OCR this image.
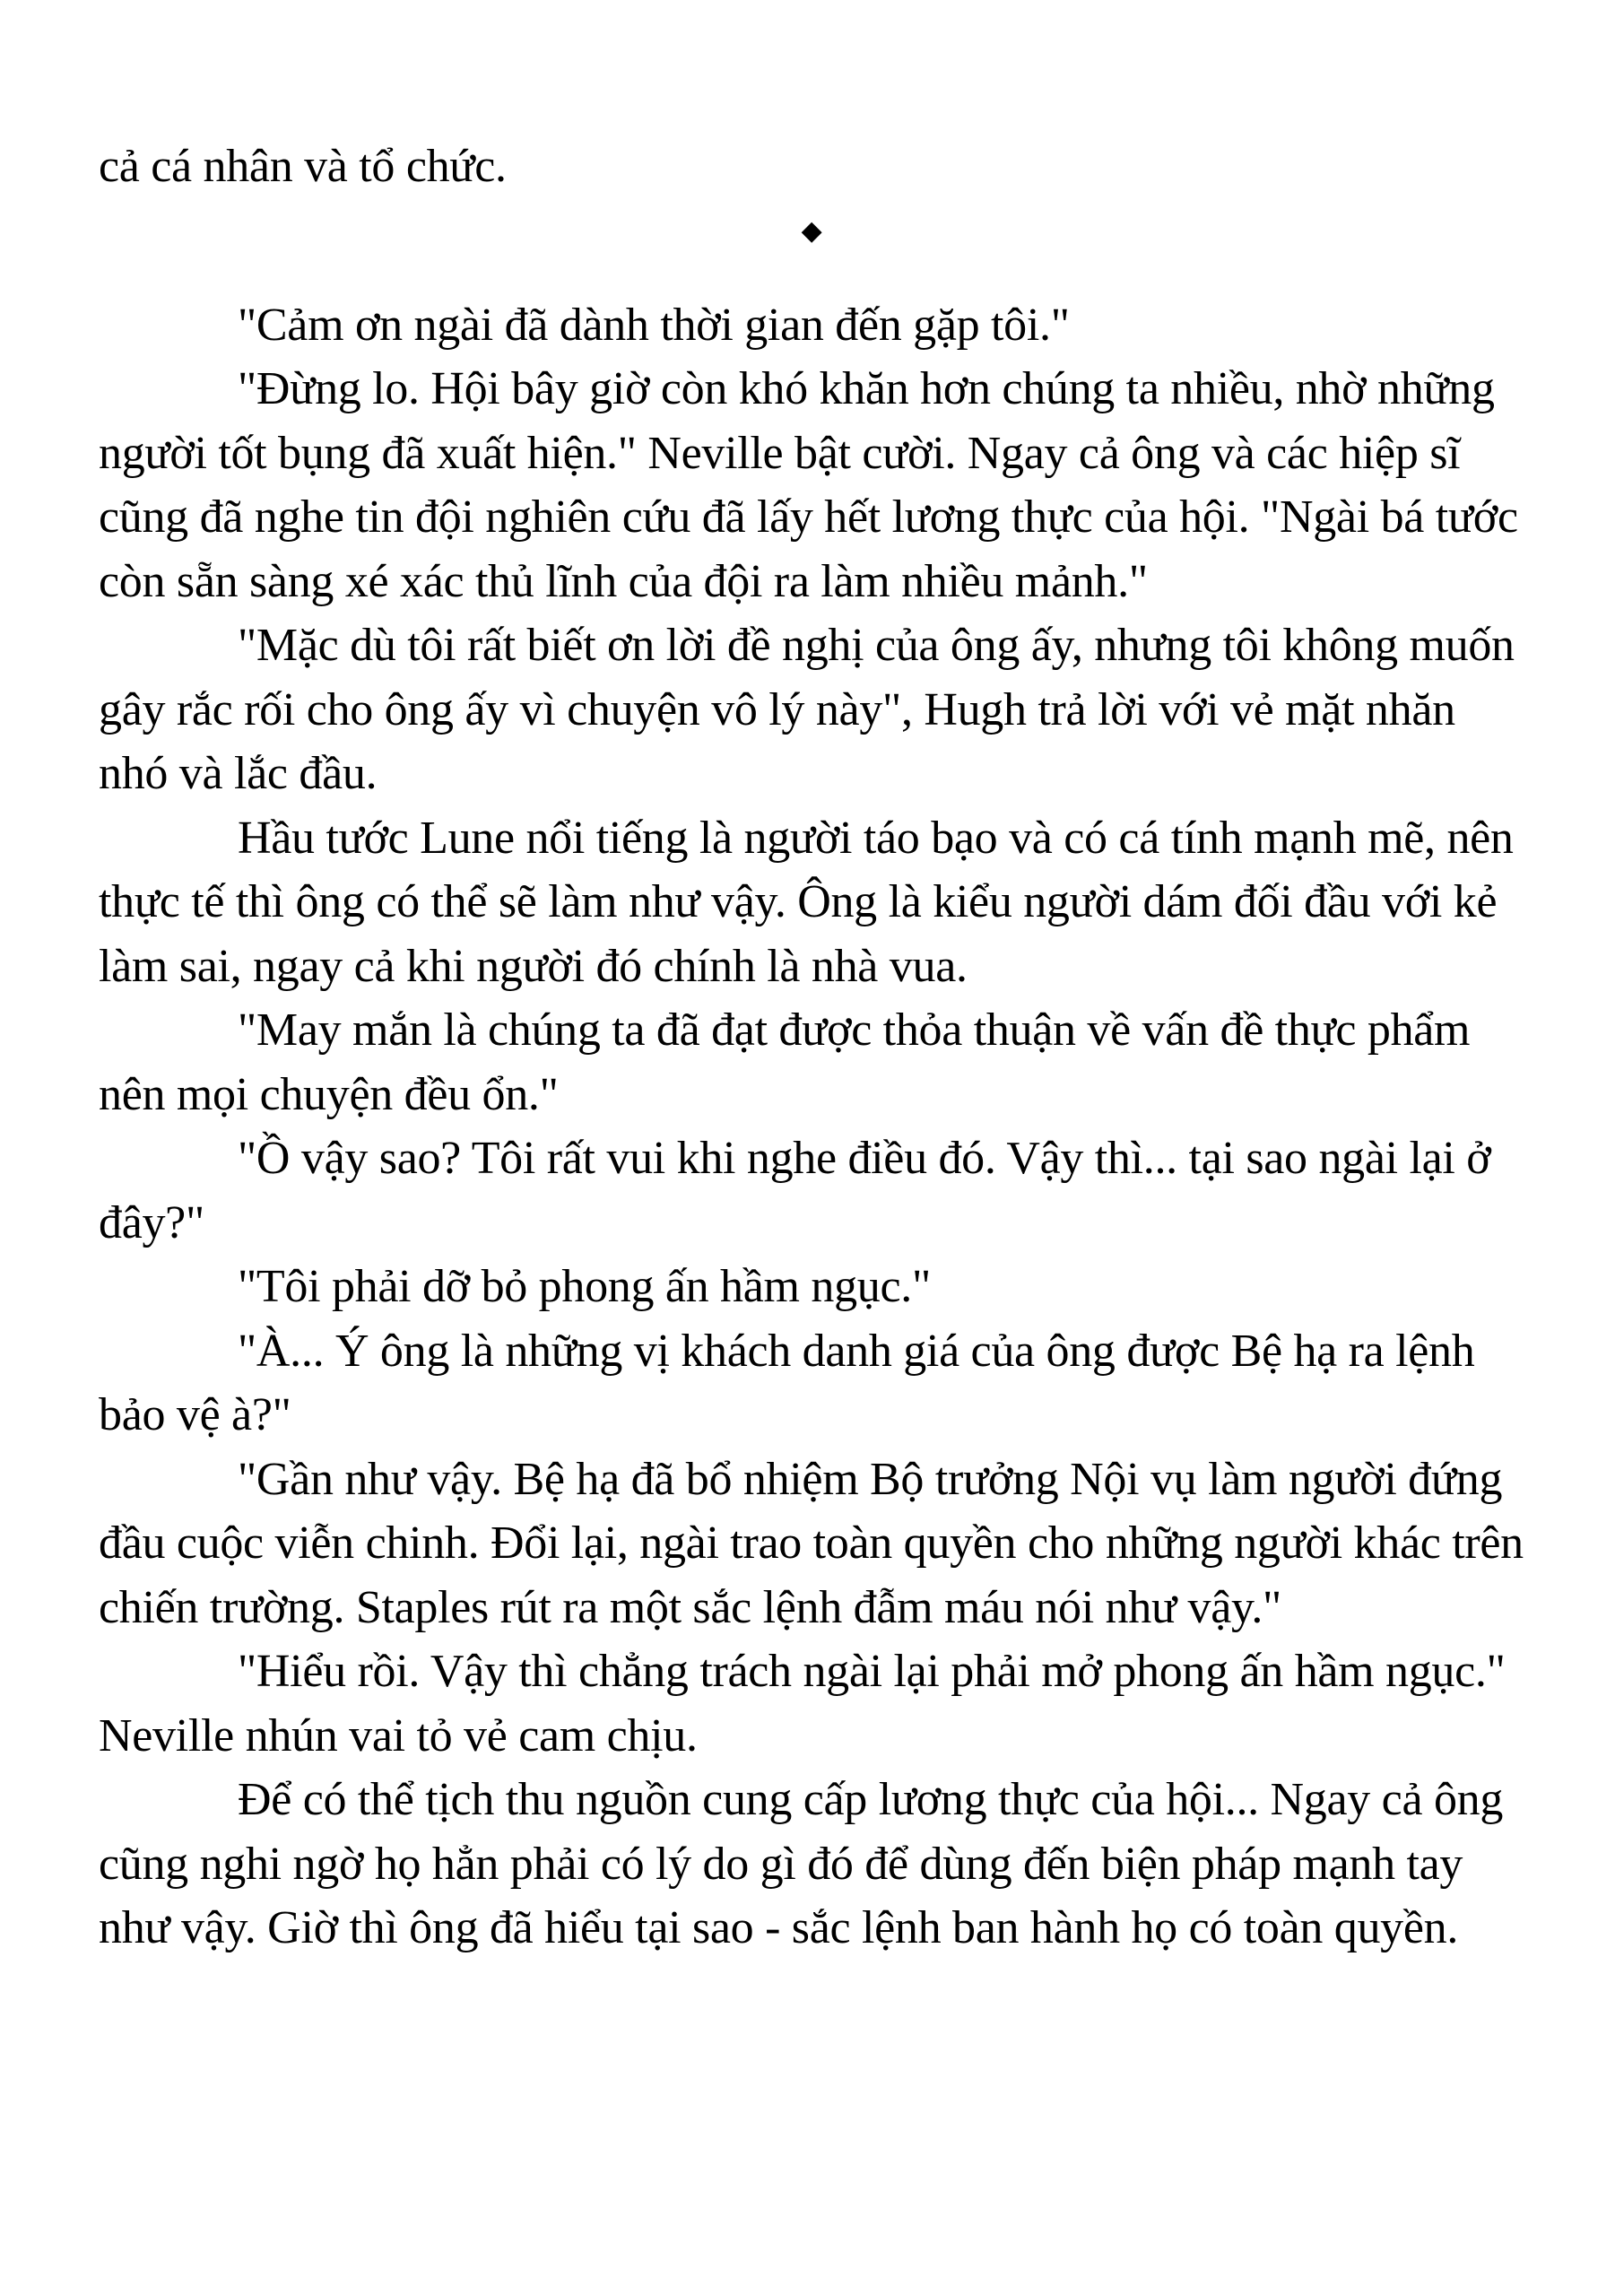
cả cá nhân và tổ chức.

◆

"Cảm ơn ngài đã dành thời gian đến gặp tôi."

"Đừng lo. Hội bây giờ còn khó khăn hơn chúng ta nhiều, nhờ những người tốt bụng đã xuất hiện." Neville bật cười. Ngay cả ông và các hiệp sĩ cũng đã nghe tin đội nghiên cứu đã lấy hết lương thực của hội. "Ngài bá tước còn sẵn sàng xé xác thủ lĩnh của đội ra làm nhiều mảnh."

"Mặc dù tôi rất biết ơn lời đề nghị của ông ấy, nhưng tôi không muốn gây rắc rối cho ông ấy vì chuyện vô lý này", Hugh trả lời với vẻ mặt nhăn nhó và lắc đầu.

Hầu tước Lune nổi tiếng là người táo bạo và có cá tính mạnh mẽ, nên thực tế thì ông có thể sẽ làm như vậy. Ông là kiểu người dám đối đầu với kẻ làm sai, ngay cả khi người đó chính là nhà vua.

"May mắn là chúng ta đã đạt được thỏa thuận về vấn đề thực phẩm nên mọi chuyện đều ổn."

"Ồ vậy sao? Tôi rất vui khi nghe điều đó. Vậy thì... tại sao ngài lại ở đây?"

"Tôi phải dỡ bỏ phong ấn hầm ngục."

"À... Ý ông là những vị khách danh giá của ông được Bệ hạ ra lệnh bảo vệ à?"

"Gần như vậy. Bệ hạ đã bổ nhiệm Bộ trưởng Nội vụ làm người đứng đầu cuộc viễn chinh. Đổi lại, ngài trao toàn quyền cho những người khác trên chiến trường. Staples rút ra một sắc lệnh đẫm máu nói như vậy."

"Hiểu rồi. Vậy thì chẳng trách ngài lại phải mở phong ấn hầm ngục." Neville nhún vai tỏ vẻ cam chịu.

Để có thể tịch thu nguồn cung cấp lương thực của hội... Ngay cả ông cũng nghi ngờ họ hẳn phải có lý do gì đó để dùng đến biện pháp mạnh tay như vậy. Giờ thì ông đã hiểu tại sao - sắc lệnh ban hành họ có toàn quyền.
